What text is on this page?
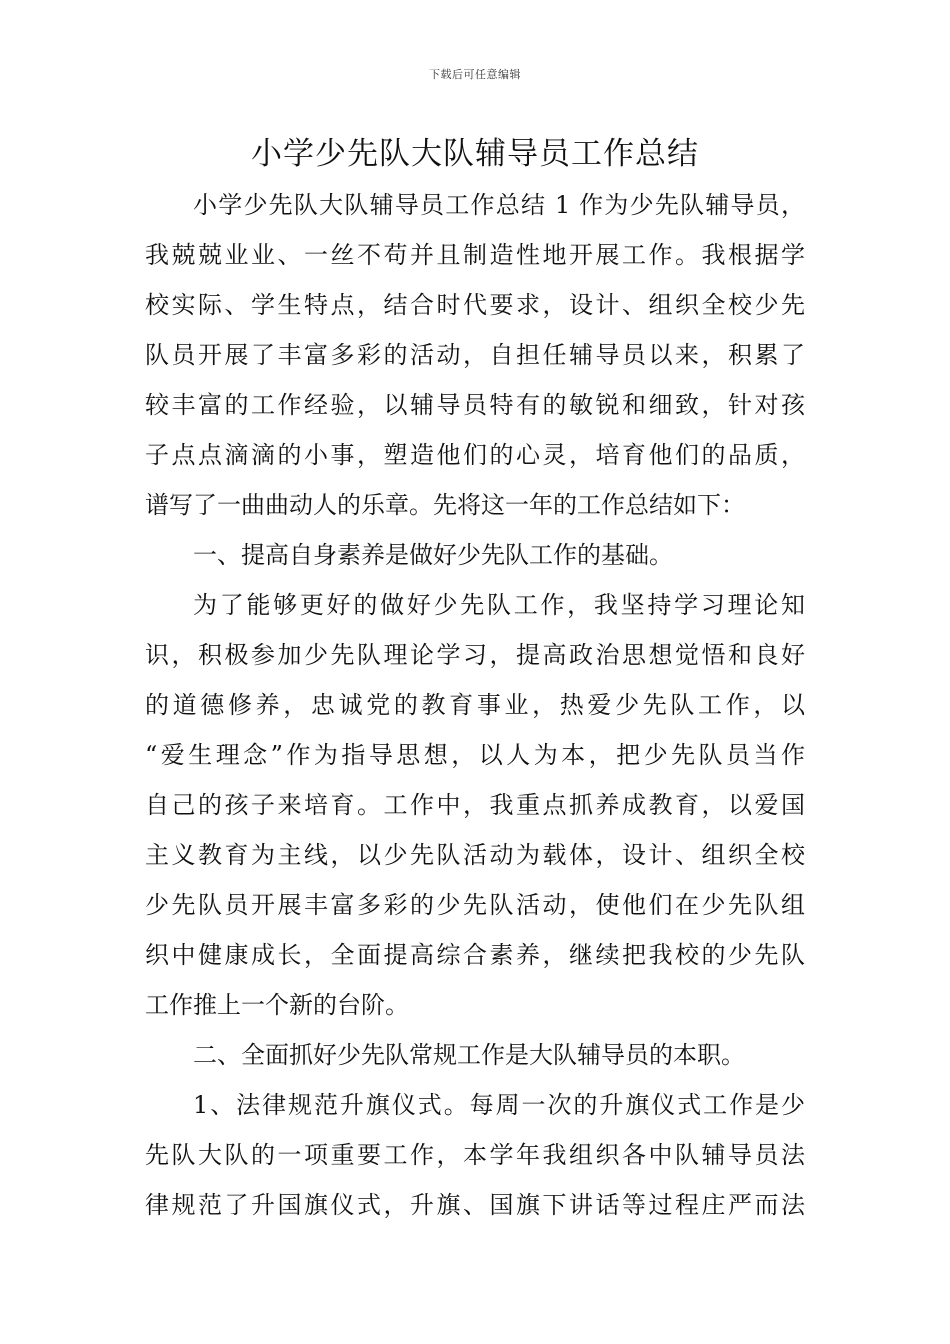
下载后可任意编辑
小学少先队大队辅导员工作总结
小学少先队大队辅导员工作总结 1 作为少先队辅导员，
我兢兢业业、一丝不苟并且制造性地开展工作。我根据学
校实际、学生特点，结合时代要求，设计、组织全校少先
队员开展了丰富多彩的活动，自担任辅导员以来，积累了
较丰富的工作经验，以辅导员特有的敏锐和细致，针对孩
子点点滴滴的小事，塑造他们的心灵，培育他们的品质，
谱写了一曲曲动人的乐章。先将这一年的工作总结如下：
一、提高自身素养是做好少先队工作的基础。
为了能够更好的做好少先队工作，我坚持学习理论知
识，积极参加少先队理论学习，提高政治思想觉悟和良好
的道德修养，忠诚党的教育事业，热爱少先队工作，以
“爱生理念”作为指导思想，以人为本，把少先队员当作
自己的孩子来培育。工作中，我重点抓养成教育，以爱国
主义教育为主线，以少先队活动为载体，设计、组织全校
少先队员开展丰富多彩的少先队活动，使他们在少先队组
织中健康成长，全面提高综合素养，继续把我校的少先队
工作推上一个新的台阶。
二、全面抓好少先队常规工作是大队辅导员的本职。
1、法律规范升旗仪式。每周一次的升旗仪式工作是少
先队大队的一项重要工作，本学年我组织各中队辅导员法
律规范了升国旗仪式，升旗、国旗下讲话等过程庄严而法
